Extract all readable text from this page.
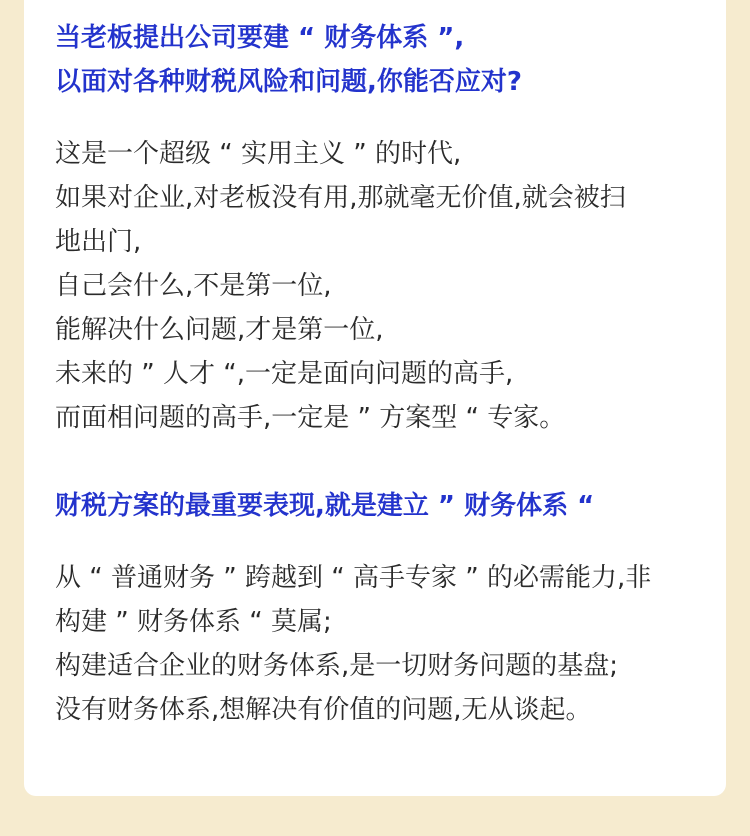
当老板提出公司要建 “ 财务体系 ”,
以面对各种财税风险和问题,你能否应对?
这是一个超级 “ 实用主义 ” 的时代,
如果对企业,对老板没有用,那就毫无价值,就会被扫
地出门,
自己会什么,不是第一位,
能解决什么问题,才是第一位,
未来的 ” 人才 “,一定是面向问题的高手,
而面相问题的高手,一定是 ” 方案型 “ 专家。
财税方案的最重要表现,就是建立 ” 财务体系 “
从 “ 普通财务 ” 跨越到 “ 高手专家 ” 的必需能力,非
构建 ” 财务体系 “ 莫属;
构建适合企业的财务体系,是一切财务问题的基盘;
没有财务体系,想解决有价值的问题,无从谈起。
